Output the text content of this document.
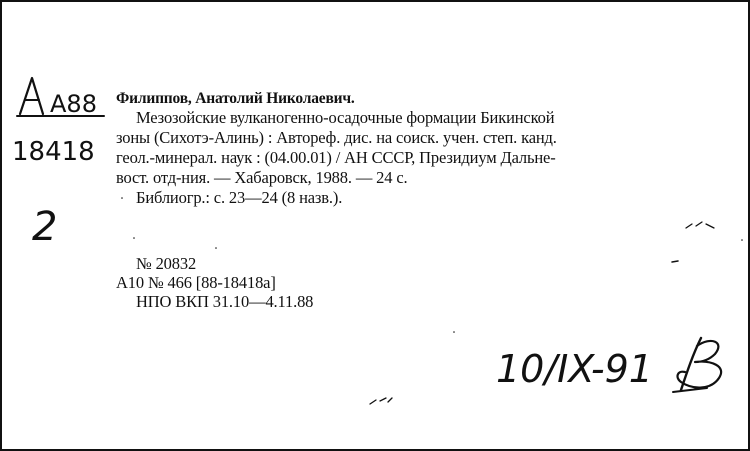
A88
18418
2
Филиппов, Анатолий Николаевич.
Мезозойские вулканогенно-осадочные формации Бикинской
зоны (Сихотэ-Алинь) : Автореф. дис. на соиск. учен. степ. канд.
геол.-минерал. наук : (04.00.01) / АН СССР, Президиум Дальне-
вост. отд-ния. — Хабаровск, 1988. — 24 с.
Библиогр.: с. 23—24 (8 назв.).
№ 20832
А10 № 466 [88-18418а]
НПО ВКП 31.10—4.11.88
10/IX-91
